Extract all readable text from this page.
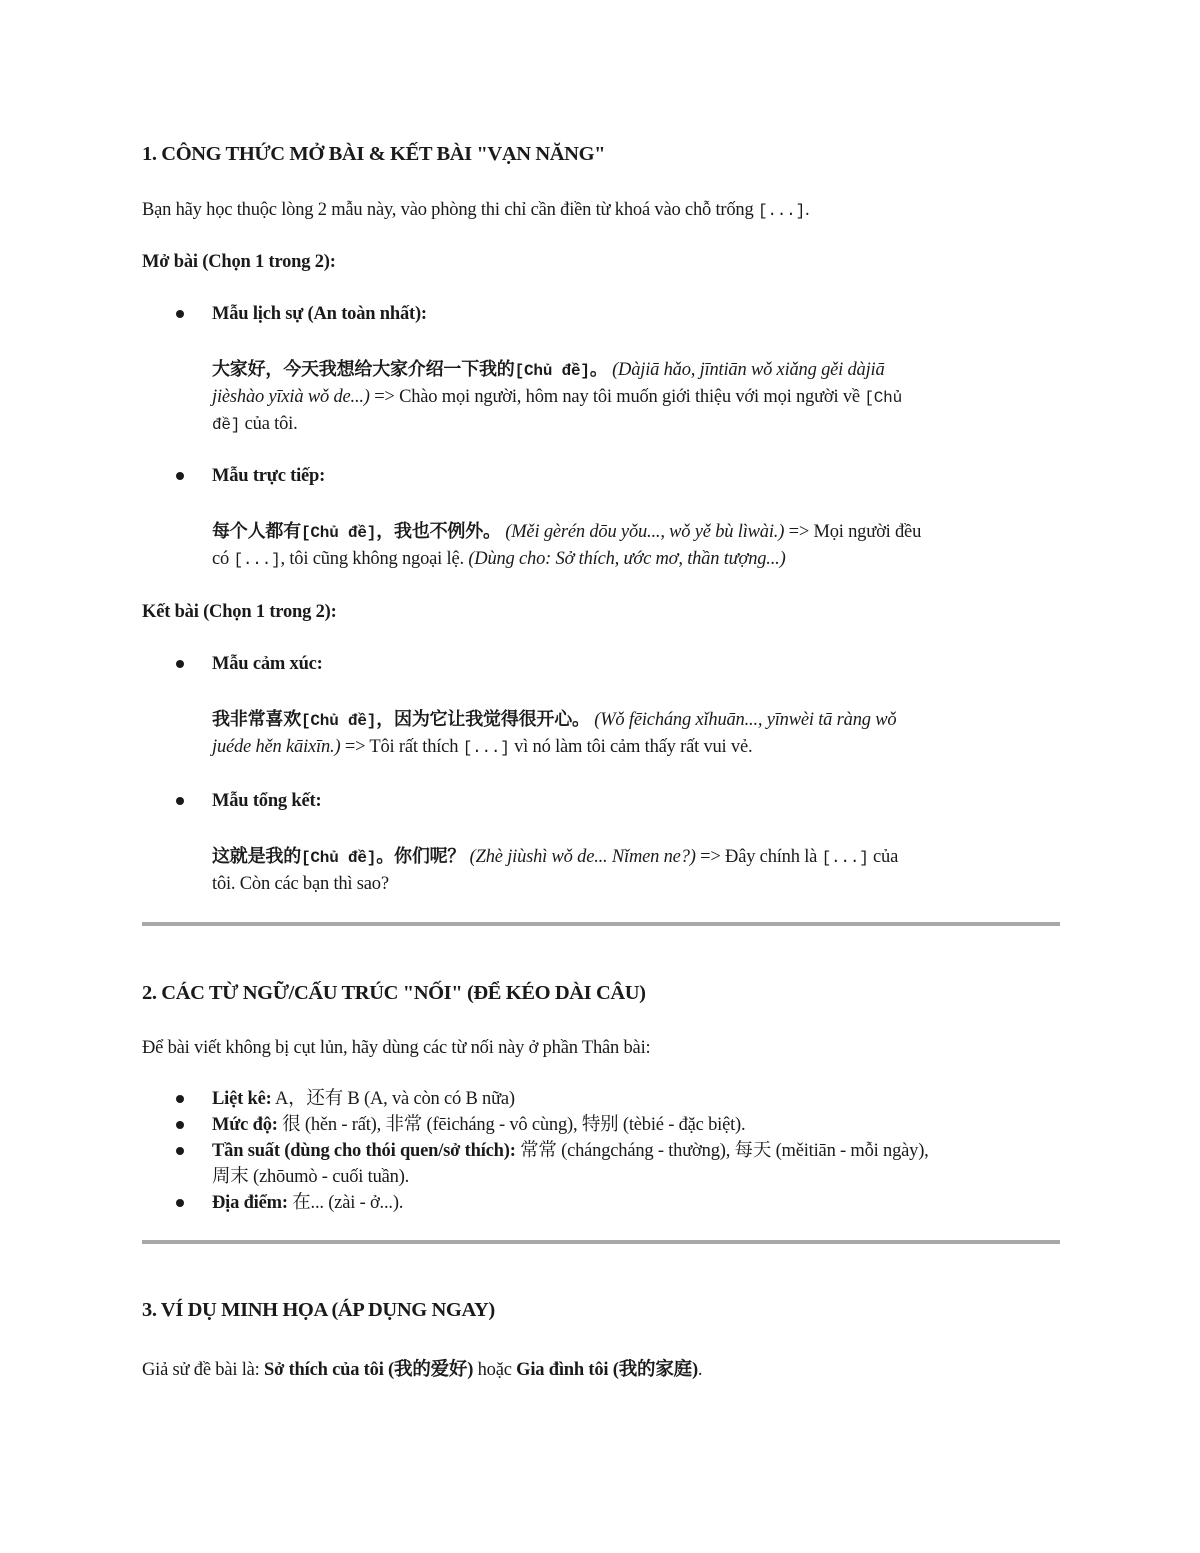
1. CÔNG THỨC MỞ BÀI & KẾT BÀI "VẠN NĂNG"
Bạn hãy học thuộc lòng 2 mẫu này, vào phòng thi chỉ cần điền từ khoá vào chỗ trống [...].
Mở bài (Chọn 1 trong 2):
Mẫu lịch sự (An toàn nhất):
大家好，今天我想给大家介绍一下我的[Chủ đề]。 (Dàjiā hǎo, jīntiān wǒ xiǎng gěi dàjiā
jièshào yīxià wǒ de...) => Chào mọi người, hôm nay tôi muốn giới thiệu với mọi người về [Chủ
đề] của tôi.
Mẫu trực tiếp:
每个人都有[Chủ đề]，我也不例外。 (Měi gèrén dōu yǒu..., wǒ yě bù lìwài.) => Mọi người đều
có [...], tôi cũng không ngoại lệ. (Dùng cho: Sở thích, ước mơ, thần tượng...)
Kết bài (Chọn 1 trong 2):
Mẫu cảm xúc:
我非常喜欢[Chủ đề]，因为它让我觉得很开心。 (Wǒ fēicháng xǐhuān..., yīnwèi tā ràng wǒ
juéde hěn kāixīn.) => Tôi rất thích [...] vì nó làm tôi cảm thấy rất vui vẻ.
Mẫu tổng kết:
这就是我的[Chủ đề]。你们呢？ (Zhè jiùshì wǒ de... Nǐmen ne?) => Đây chính là [...] của
tôi. Còn các bạn thì sao?
2. CÁC TỪ NGỮ/CẤU TRÚC "NỐI" (ĐỂ KÉO DÀI CÂU)
Để bài viết không bị cụt lủn, hãy dùng các từ nối này ở phần Thân bài:
Liệt kê: A，还有 B (A, và còn có B nữa)
Mức độ: 很 (hěn - rất), 非常 (fēicháng - vô cùng), 特别 (tèbié - đặc biệt).
Tần suất (dùng cho thói quen/sở thích): 常常 (chángcháng - thường), 每天 (měitiān - mỗi ngày),
周末 (zhōumò - cuối tuần).
Địa điểm: 在... (zài - ở...).
3. VÍ DỤ MINH HỌA (ÁP DỤNG NGAY)
Giả sử đề bài là: Sở thích của tôi (我的爱好) hoặc Gia đình tôi (我的家庭).
